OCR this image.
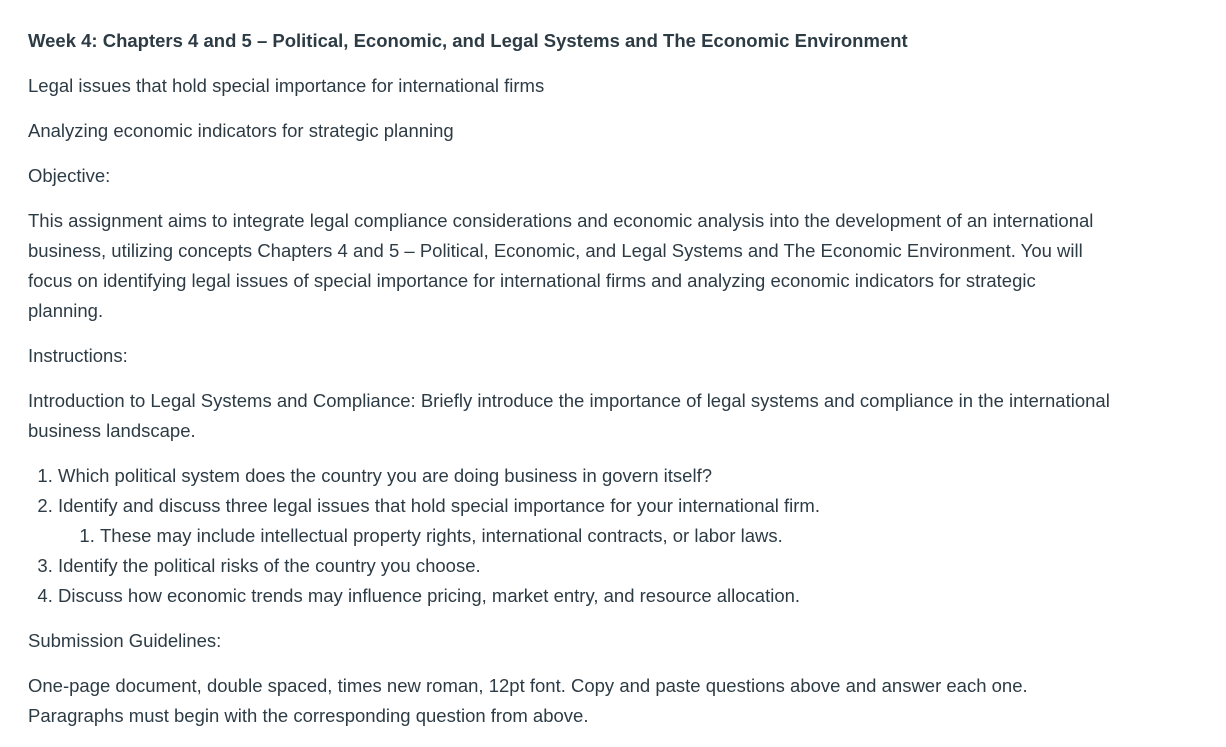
Week 4: Chapters 4 and 5 – Political, Economic, and Legal Systems and The Economic Environment

Legal issues that hold special importance for international firms

Analyzing economic indicators for strategic planning

Objective:

This assignment aims to integrate legal compliance considerations and economic analysis into the development of an international business, utilizing concepts Chapters 4 and 5 – Political, Economic, and Legal Systems and The Economic Environment. You will focus on identifying legal issues of special importance for international firms and analyzing economic indicators for strategic planning.

Instructions:

Introduction to Legal Systems and Compliance: Briefly introduce the importance of legal systems and compliance in the international business landscape.

1. Which political system does the country you are doing business in govern itself?
2. Identify and discuss three legal issues that hold special importance for your international firm.
1. These may include intellectual property rights, international contracts, or labor laws.
3. Identify the political risks of the country you choose.
4. Discuss how economic trends may influence pricing, market entry, and resource allocation.

Submission Guidelines:

One-page document, double spaced, times new roman, 12pt font. Copy and paste questions above and answer each one. Paragraphs must begin with the corresponding question from above.
